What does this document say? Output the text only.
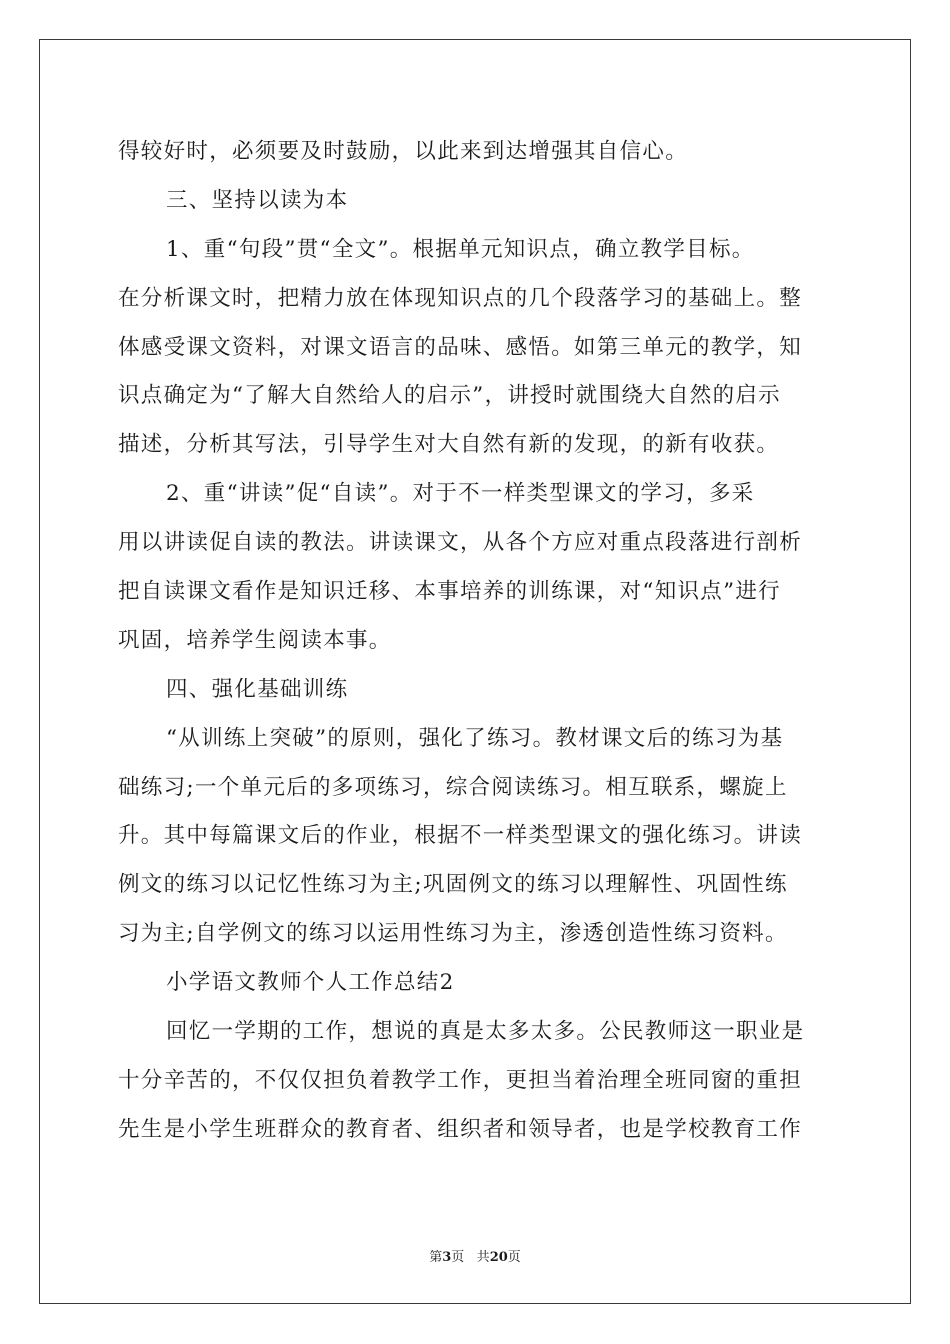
得较好时，必须要及时鼓励，以此来到达增强其自信心。
三、坚持以读为本
1、重“句段”贯“全文”。根据单元知识点，确立教学目标。
在分析课文时，把精力放在体现知识点的几个段落学习的基础上。整
体感受课文资料，对课文语言的品味、感悟。如第三单元的教学，知
识点确定为“了解大自然给人的启示”，讲授时就围绕大自然的启示
描述，分析其写法，引导学生对大自然有新的发现，的新有收获。
2、重“讲读”促“自读”。对于不一样类型课文的学习，多采
用以讲读促自读的教法。讲读课文，从各个方应对重点段落进行剖析
把自读课文看作是知识迁移、本事培养的训练课，对“知识点”进行
巩固，培养学生阅读本事。
四、强化基础训练
“从训练上突破”的原则，强化了练习。教材课文后的练习为基
础练习;一个单元后的多项练习，综合阅读练习。相互联系，螺旋上
升。其中每篇课文后的作业，根据不一样类型课文的强化练习。讲读
例文的练习以记忆性练习为主;巩固例文的练习以理解性、巩固性练
习为主;自学例文的练习以运用性练习为主，渗透创造性练习资料。
小学语文教师个人工作总结2
回忆一学期的工作，想说的真是太多太多。公民教师这一职业是
十分辛苦的，不仅仅担负着教学工作，更担当着治理全班同窗的重担
先生是小学生班群众的教育者、组织者和领导者，也是学校教育工作
第3页 共20页
